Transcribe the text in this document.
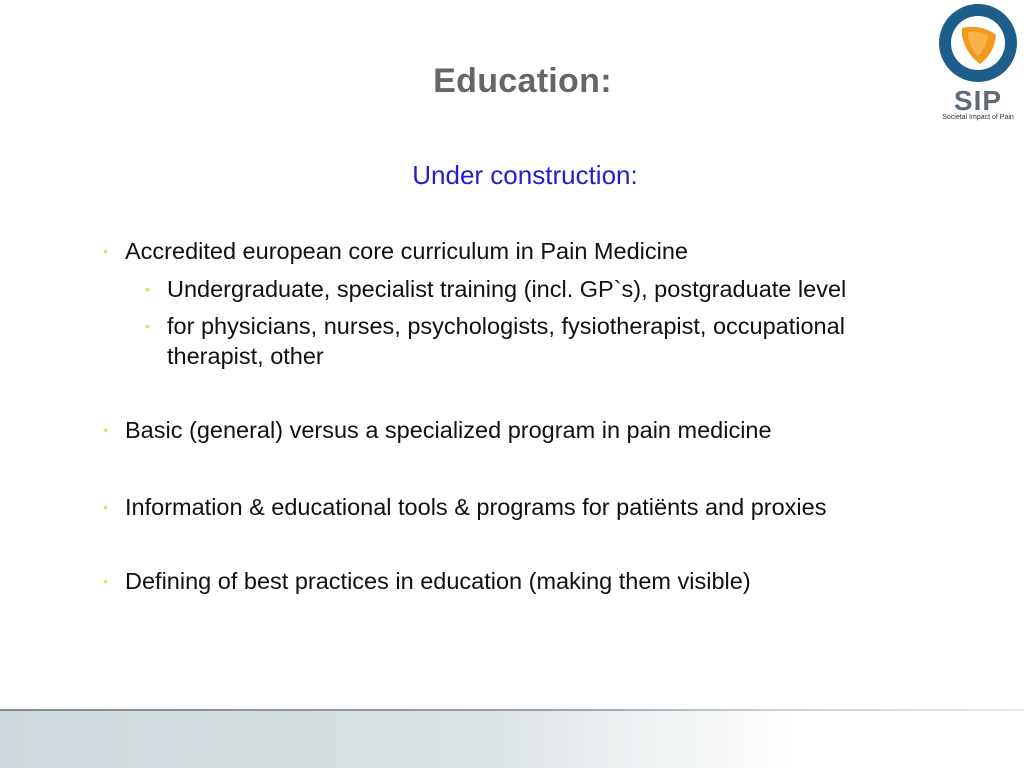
Education:
SIP
Societal Impact of Pain
Under construction:
• Accredited european core curriculum in Pain Medicine
• Undergraduate, specialist training (incl. GP`s), postgraduate level
• for physicians, nurses, psychologists, fysiotherapist, occupational
therapist, other
• Basic (general) versus a specialized program in pain medicine
• Information & educational tools & programs for patiënts and proxies
• Defining of best practices in education (making them visible)
